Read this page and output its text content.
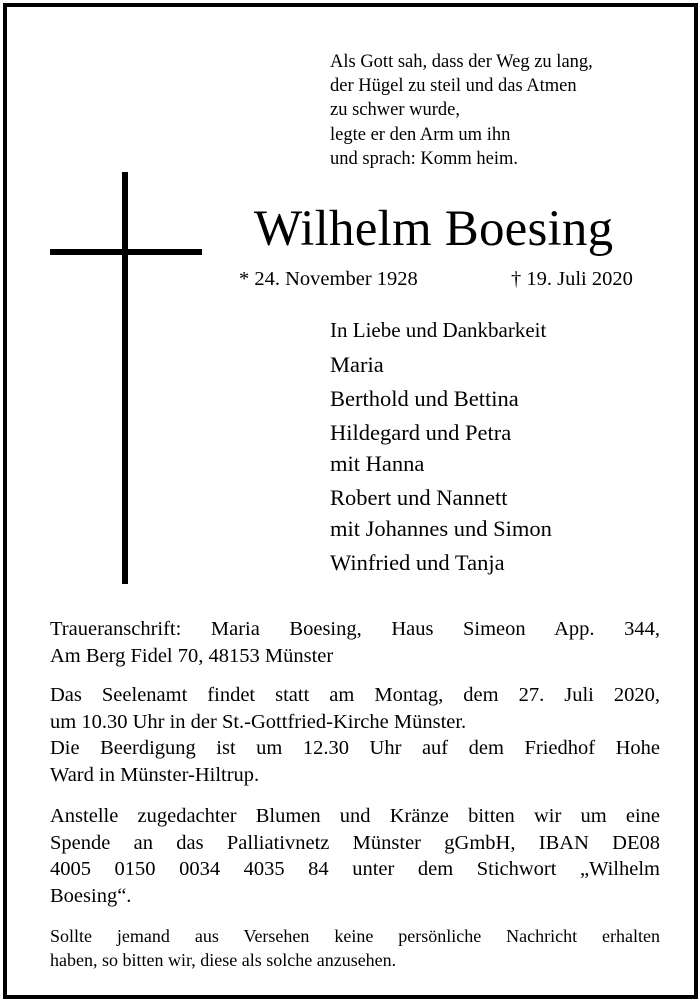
Als Gott sah, dass der Weg zu lang,
der Hügel zu steil und das Atmen
zu schwer wurde,
legte er den Arm um ihn
und sprach: Komm heim.
Wilhelm Boesing
* 24. November 1928	† 19. Juli 2020
In Liebe und Dankbarkeit
Maria
Berthold und Bettina
Hildegard und Petra
mit Hanna
Robert und Nannett
mit Johannes und Simon
Winfried und Tanja
Traueranschrift: Maria Boesing, Haus Simeon App. 344,
Am Berg Fidel 70, 48153 Münster
Das Seelenamt findet statt am Montag, dem 27. Juli 2020,
um 10.30 Uhr in der St.-Gottfried-Kirche Münster.
Die Beerdigung ist um 12.30 Uhr auf dem Friedhof Hohe
Ward in Münster-Hiltrup.
Anstelle zugedachter Blumen und Kränze bitten wir um eine
Spende an das Palliativnetz Münster gGmbH, IBAN DE08
4005 0150 0034 4035 84 unter dem Stichwort „Wilhelm
Boesing“.
Sollte jemand aus Versehen keine persönliche Nachricht erhalten
haben, so bitten wir, diese als solche anzusehen.
